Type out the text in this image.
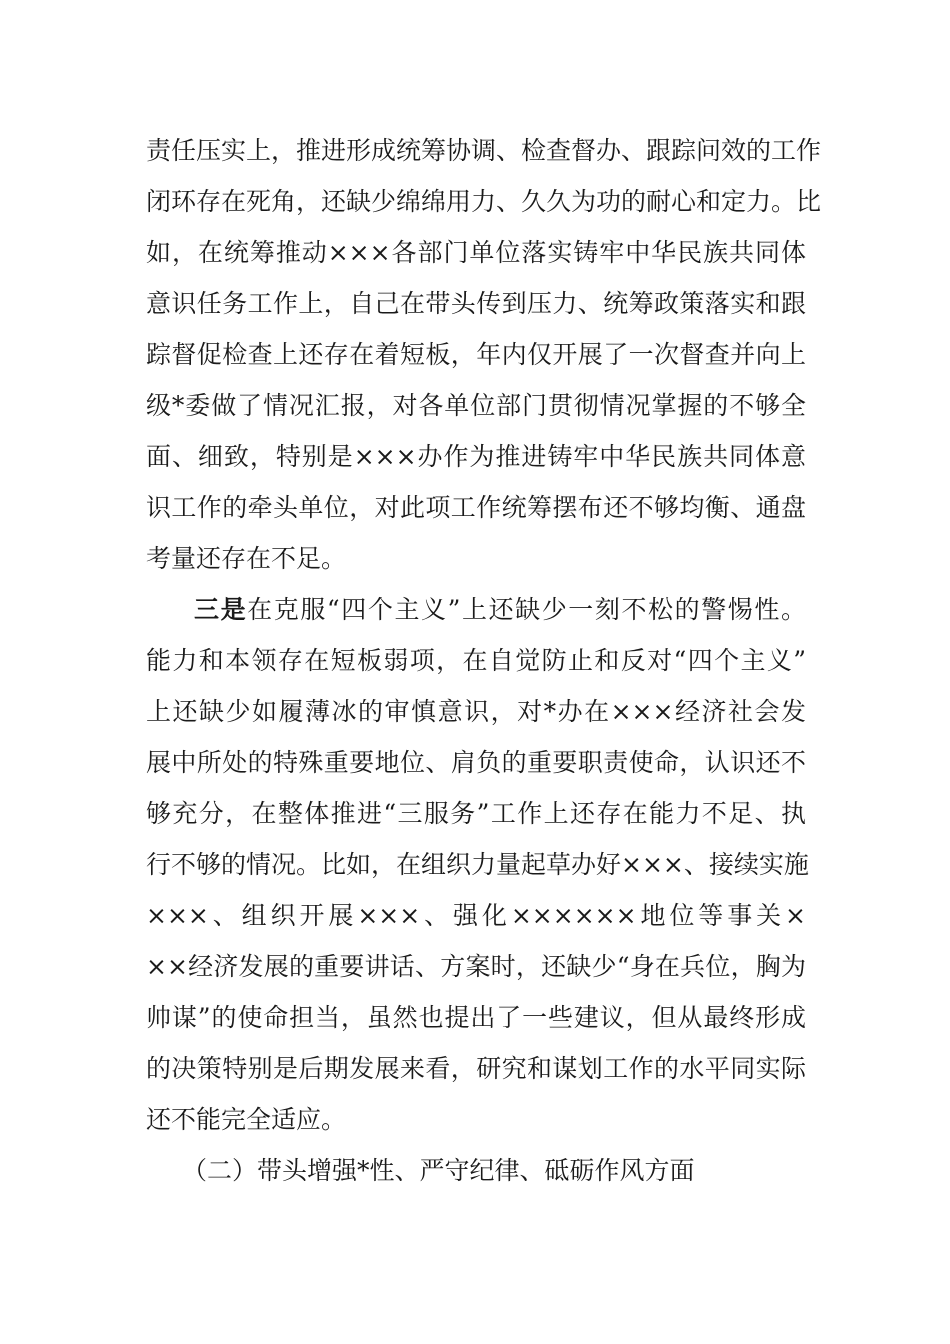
责任压实上，推进形成统筹协调、检查督办、跟踪问效的工作
闭环存在死角，还缺少绵绵用力、久久为功的耐心和定力。比
如，在统筹推动×××各部门单位落实铸牢中华民族共同体
意识任务工作上，自己在带头传到压力、统筹政策落实和跟
踪督促检查上还存在着短板，年内仅开展了一次督查并向上
级*委做了情况汇报，对各单位部门贯彻情况掌握的不够全
面、细致，特别是×××办作为推进铸牢中华民族共同体意
识工作的牵头单位，对此项工作统筹摆布还不够均衡、通盘
考量还存在不足。
三是在克服“四个主义”上还缺少一刻不松的警惕性。
能力和本领存在短板弱项，在自觉防止和反对“四个主义”
上还缺少如履薄冰的审慎意识，对*办在×××经济社会发
展中所处的特殊重要地位、肩负的重要职责使命，认识还不
够充分，在整体推进“三服务”工作上还存在能力不足、执
行不够的情况。比如，在组织力量起草办好×××、接续实施
×××、组织开展×××、强化××××××地位等事关×
××经济发展的重要讲话、方案时，还缺少“身在兵位，胸为
帅谋”的使命担当，虽然也提出了一些建议，但从最终形成
的决策特别是后期发展来看，研究和谋划工作的水平同实际
还不能完全适应。
（二）带头增强*性、严守纪律、砥砺作风方面
